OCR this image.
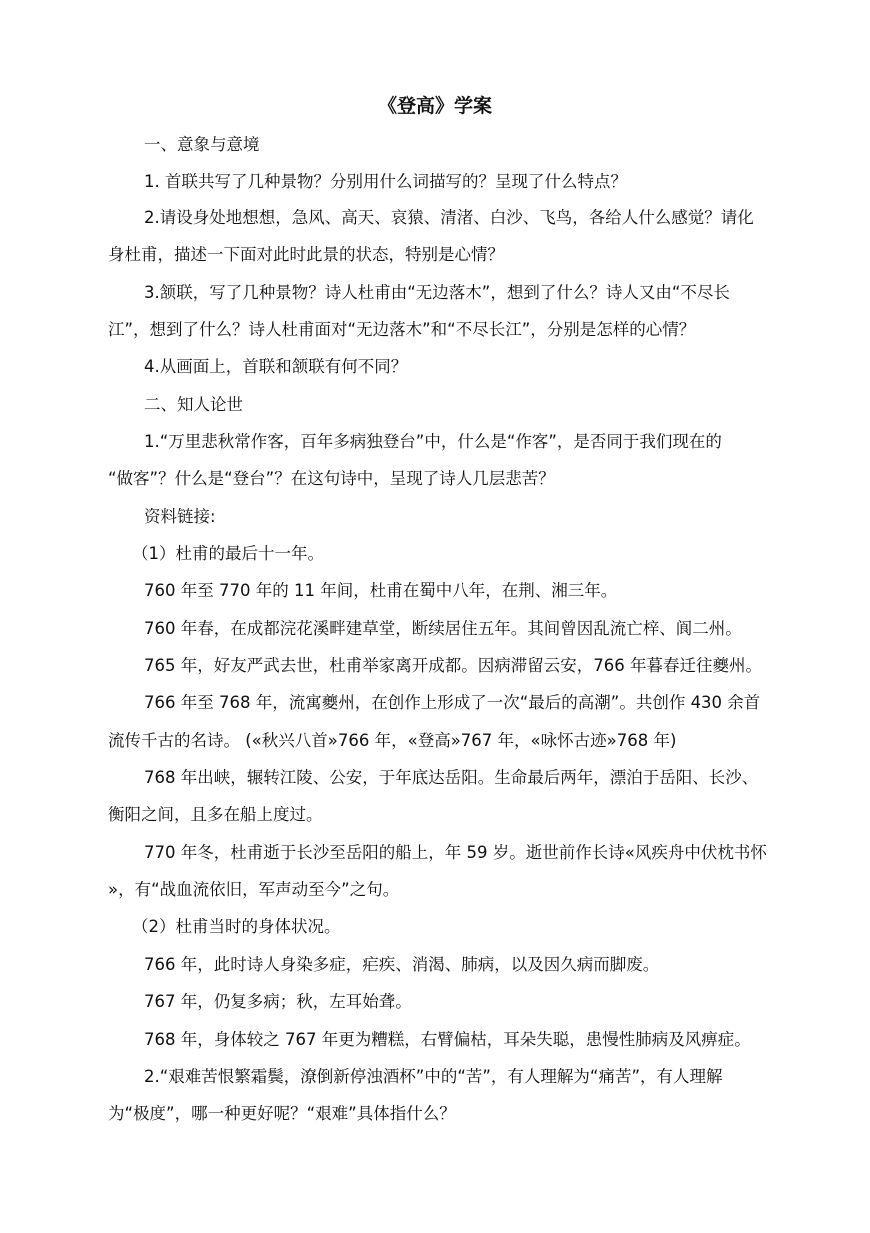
《登高》学案
一、意象与意境
1. 首联共写了几种景物？分别用什么词描写的？呈现了什么特点？
2.请设身处地想想，急风、高天、哀猿、清渚、白沙、飞鸟，各给人什么感觉？请化
身杜甫，描述一下面对此时此景的状态，特别是心情？
3.颔联，写了几种景物？诗人杜甫由“无边落木”，想到了什么？诗人又由“不尽长
江”，想到了什么？诗人杜甫面对“无边落木”和“不尽长江”，分别是怎样的心情？
4.从画面上，首联和颔联有何不同？
二、知人论世
1.“万里悲秋常作客，百年多病独登台”中，什么是“作客”，是否同于我们现在的
“做客”？什么是“登台”？在这句诗中，呈现了诗人几层悲苦？
资料链接:
（1）杜甫的最后十一年。
760 年至 770 年的 11 年间，杜甫在蜀中八年，在荆、湘三年。
760 年春，在成都浣花溪畔建草堂，断续居住五年。其间曾因乱流亡梓、阆二州。
765 年，好友严武去世，杜甫举家离开成都。因病滞留云安，766 年暮春迁往夔州。
766 年至 768 年，流寓夔州，在创作上形成了一次“最后的高潮”。共创作 430 余首
流传千古的名诗。 («秋兴八首»766 年，«登高»767 年，«咏怀古迹»768 年)
768 年出峡，辗转江陵、公安，于年底达岳阳。生命最后两年，漂泊于岳阳、长沙、
衡阳之间，且多在船上度过。
770 年冬，杜甫逝于长沙至岳阳的船上，年 59 岁。逝世前作长诗«风疾舟中伏枕书怀
»，有“战血流依旧，军声动至今”之句。
（2）杜甫当时的身体状况。
766 年，此时诗人身染多症，疟疾、消渴、肺病，以及因久病而脚废。
767 年，仍复多病；秋，左耳始聋。
768 年，身体较之 767 年更为糟糕，右臂偏枯，耳朵失聪，患慢性肺病及风痹症。
2.“艰难苦恨繁霜鬓，潦倒新停浊酒杯”中的“苦”，有人理解为“痛苦”，有人理解
为“极度”，哪一种更好呢？“艰难”具体指什么？
